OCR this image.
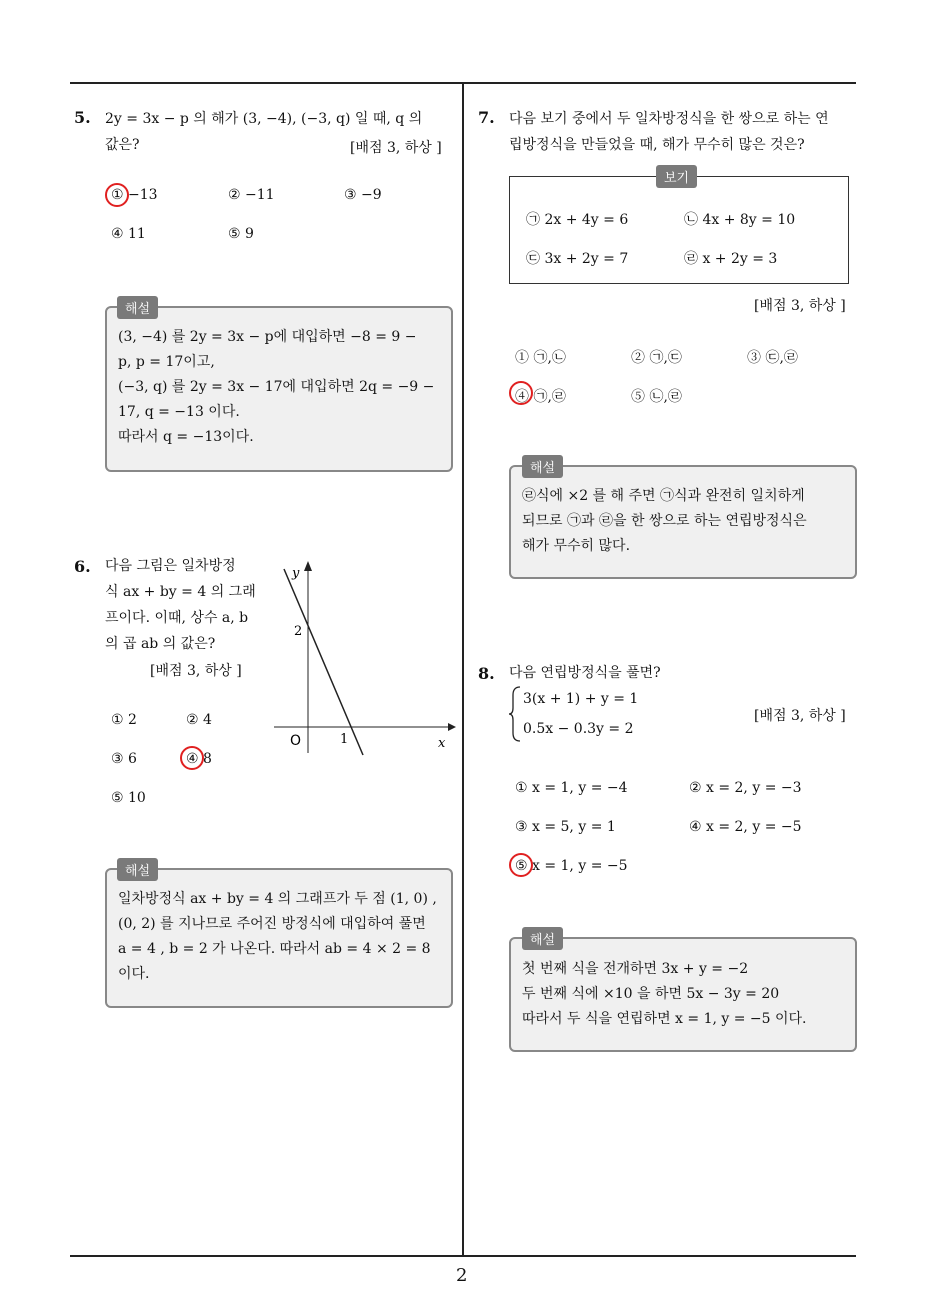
2
5. 2y = 3x − p 의 해가 (3, −4), (−3, q) 일 때, q 의
값은?	[배점 3, 하상 ]
① −13	② −11	③ −9
④ 11	⑤ 9
해설
(3, −4) 를 2y = 3x − p에 대입하면 −8 = 9 −
p, p = 17이고,
(−3, q) 를 2y = 3x − 17에 대입하면 2q = −9 −
17, q = −13 이다.
따라서 q = −13이다.
6. 다음 그림은 일차방정
식 ax + by = 4 의 그래
프이다. 이때, 상수 a, b
의 곱 ab 의 값은?
[배점 3, 하상 ]
y
x
O
2
1
① 2	② 4
③ 6	④ 8
⑤ 10
해설
일차방정식 ax + by = 4 의 그래프가 두 점 (1, 0) ,
(0, 2) 를 지나므로 주어진 방정식에 대입하여 풀면
a = 4 , b = 2 가 나온다. 따라서 ab = 4 × 2 = 8
이다.
7. 다음 보기 중에서 두 일차방정식을 한 쌍으로 하는 연
립방정식을 만들었을 때, 해가 무수히 많은 것은?
보기
㉠ 2x + 4y = 6	㉡ 4x + 8y = 10
㉢ 3x + 2y = 7	㉣ x + 2y = 3
[배점 3, 하상 ]
① ㉠,㉡	② ㉠,㉢	③ ㉢,㉣
④ ㉠,㉣	⑤ ㉡,㉣
해설
㉣식에 ×2 를 해 주면 ㉠식과 완전히 일치하게
되므로 ㉠과 ㉣을 한 쌍으로 하는 연립방정식은
해가 무수히 많다.
8. 다음 연립방정식을 풀면?
3(x + 1) + y = 1
0.5x − 0.3y = 2
[배점 3, 하상 ]
① x = 1, y = −4	② x = 2, y = −3
③ x = 5, y = 1	④ x = 2, y = −5
⑤ x = 1, y = −5
해설
첫 번째 식을 전개하면 3x + y = −2
두 번째 식에 ×10 을 하면 5x − 3y = 20
따라서 두 식을 연립하면 x = 1, y = −5 이다.
